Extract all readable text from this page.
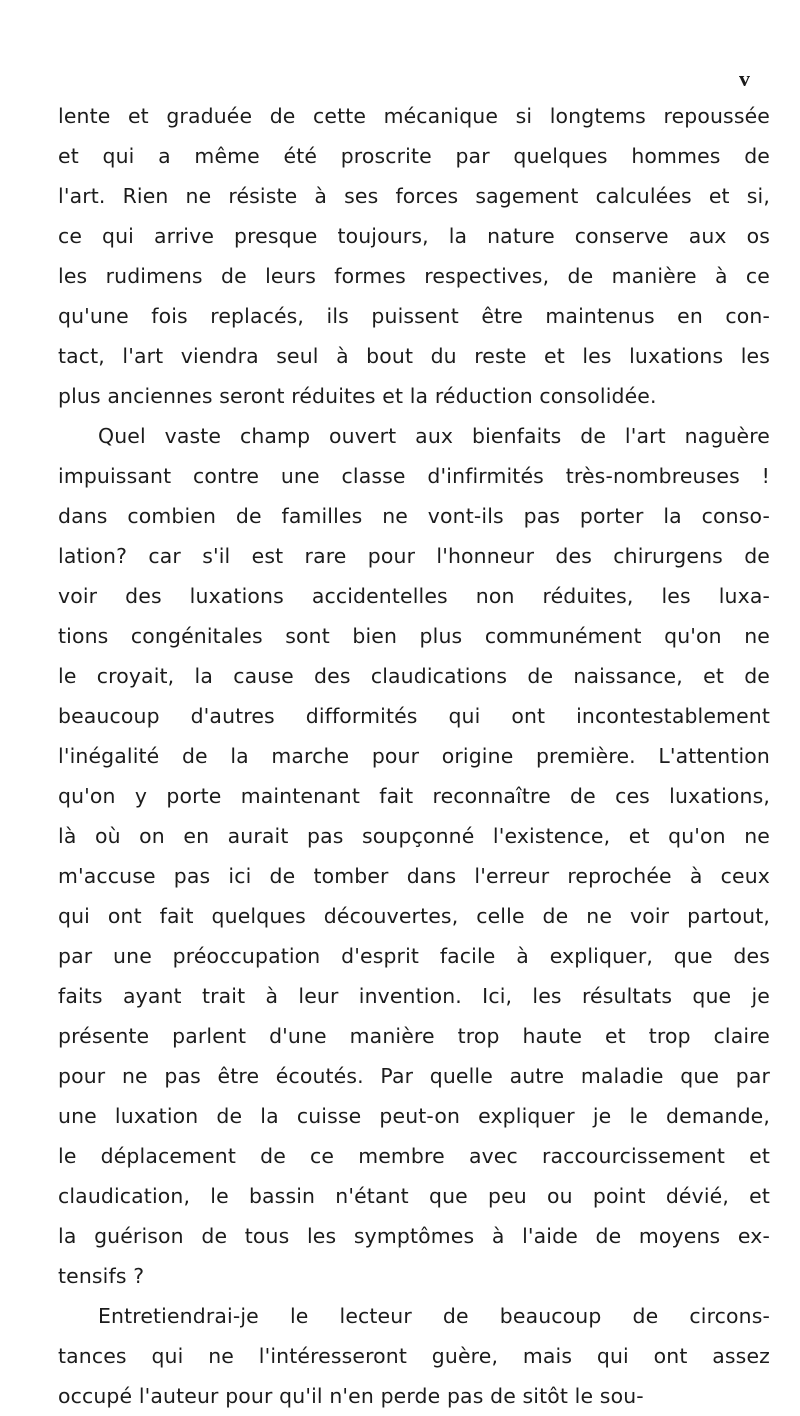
v
lente et graduée de cette mécanique si longtems repoussée
et qui a même été proscrite par quelques hommes de
l'art. Rien ne résiste à ses forces sagement calculées et si,
ce qui arrive presque toujours, la nature conserve aux os
les rudimens de leurs formes respectives, de manière à ce
qu'une fois replacés, ils puissent être maintenus en con-
tact, l'art viendra seul à bout du reste et les luxations les
plus anciennes seront réduites et la réduction consolidée.
Quel vaste champ ouvert aux bienfaits de l'art naguère
impuissant contre une classe d'infirmités très-nombreuses !
dans combien de familles ne vont-ils pas porter la conso-
lation? car s'il est rare pour l'honneur des chirurgens de
voir des luxations accidentelles non réduites, les luxa-
tions congénitales sont bien plus communément qu'on ne
le croyait, la cause des claudications de naissance, et de
beaucoup d'autres difformités qui ont incontestablement
l'inégalité de la marche pour origine première. L'attention
qu'on y porte maintenant fait reconnaître de ces luxations,
là où on en aurait pas soupçonné l'existence, et qu'on ne
m'accuse pas ici de tomber dans l'erreur reprochée à ceux
qui ont fait quelques découvertes, celle de ne voir partout,
par une préoccupation d'esprit facile à expliquer, que des
faits ayant trait à leur invention. Ici, les résultats que je
présente parlent d'une manière trop haute et trop claire
pour ne pas être écoutés. Par quelle autre maladie que par
une luxation de la cuisse peut-on expliquer je le demande,
le déplacement de ce membre avec raccourcissement et
claudication, le bassin n'étant que peu ou point dévié, et
la guérison de tous les symptômes à l'aide de moyens ex-
tensifs ?
Entretiendrai-je le lecteur de beaucoup de circons-
tances qui ne l'intéresseront guère, mais qui ont assez
occupé l'auteur pour qu'il n'en perde pas de sitôt le sou-
